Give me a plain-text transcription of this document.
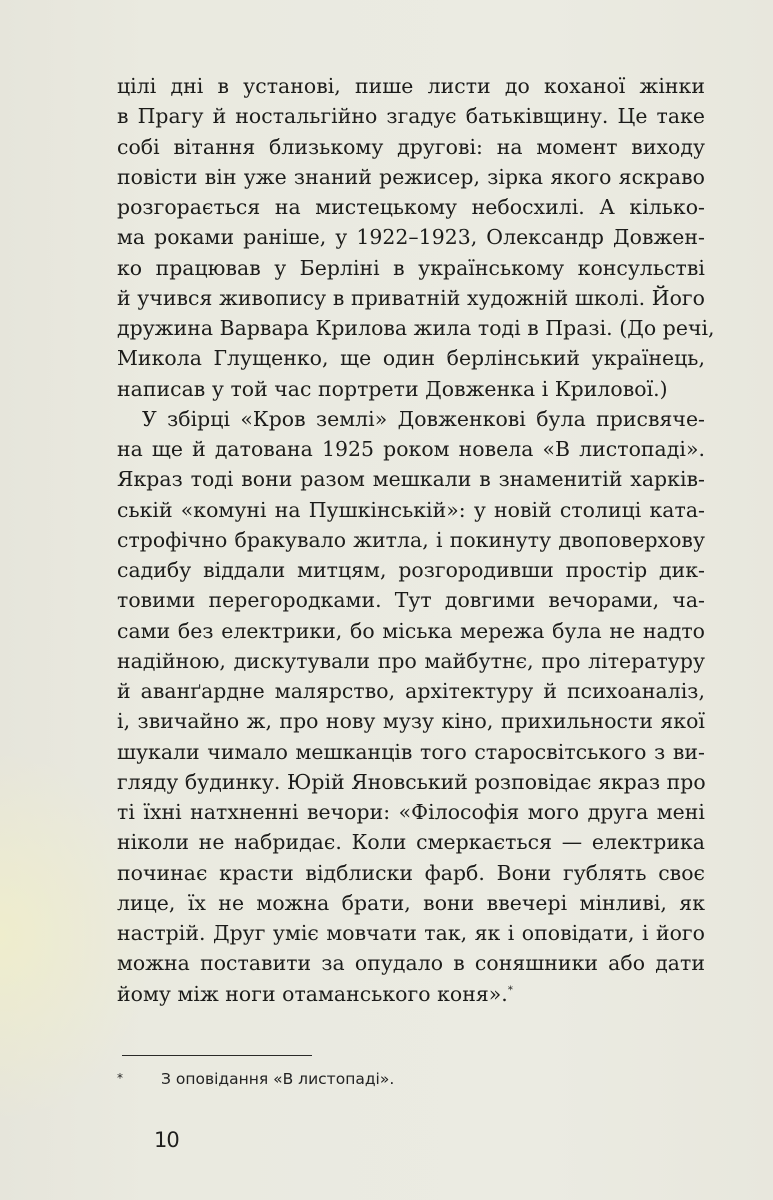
цілі дні в установі, пише листи до коханої жінки
в Прагу й ностальгійно згадує батьківщину. Це таке
собі вітання близькому другові: на момент виходу
повісти він уже знаний режисер, зірка якого яскраво
розгорається на мистецькому небосхилі. А кілько-
ма роками раніше, у 1922–1923, Олександр Довжен-
ко працював у Берліні в українському консульстві
й учився живопису в приватній художній школі. Його
дружина Варвара Крилова жила тоді в Празі. (До речі,
Микола Глущенко, ще один берлінський українець,
написав у той час портрети Довженка і Крилової.)
У збірці «Кров землі» Довженкові була присвяче-
на ще й датована 1925 роком новела «В листопаді».
Якраз тоді вони разом мешкали в знаменитій харків-
ській «комуні на Пушкінській»: у новій столиці ката-
строфічно бракувало житла, і покинуту двоповерхову
садибу віддали митцям, розгородивши простір дик-
товими перегородками. Тут довгими вечорами, ча-
сами без електрики, бо міська мережа була не надто
надійною, дискутували про майбутнє, про літературу
й аванґардне малярство, архітектуру й психоаналіз,
і, звичайно ж, про нову музу кіно, прихильности якої
шукали чимало мешканців того старосвітського з ви-
гляду будинку. Юрій Яновський розповідає якраз про
ті їхні натхненні вечори: «Філософія мого друга мені
ніколи не набридає. Коли смеркається — електрика
починає красти відблиски фарб. Вони гублять своє
лице, їх не можна брати, вони ввечері мінливі, як
настрій. Друг уміє мовчати так, як і оповідати, і його
можна поставити за опудало в соняшники або дати
йому між ноги отаманського коня».*
* З оповідання «В листопаді».
10
